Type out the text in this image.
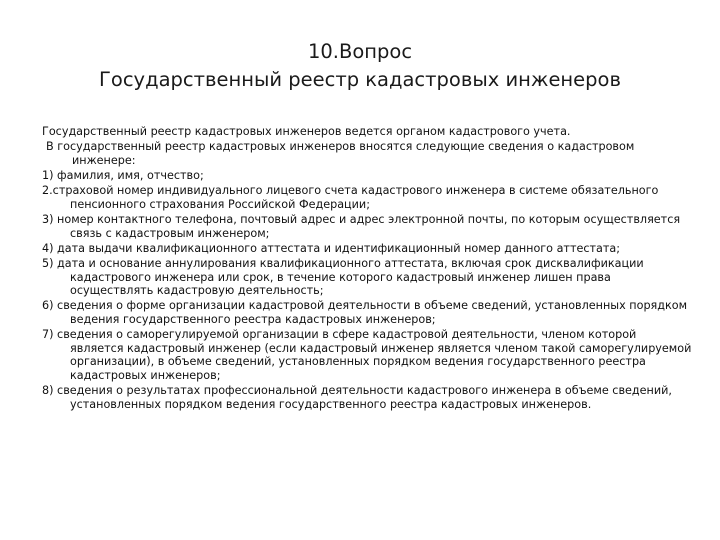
10.Вопрос
Государственный реестр кадастровых инженеров

Государственный реестр кадастровых инженеров ведется органом кадастрового учета.

В государственный реестр кадастровых инженеров вносятся следующие сведения о кадастровом инженере:

1) фамилия, имя, отчество;

2.страховой номер индивидуального лицевого счета кадастрового инженера в системе обязательного пенсионного страхования Российской Федерации;

3) номер контактного телефона, почтовый адрес и адрес электронной почты, по которым осуществляется связь с кадастровым инженером;

4) дата выдачи квалификационного аттестата и идентификационный номер данного аттестата;

5) дата и основание аннулирования квалификационного аттестата, включая срок дисквалификации кадастрового инженера или срок, в течение которого кадастровый инженер лишен права осуществлять кадастровую деятельность;

6) сведения о форме организации кадастровой деятельности в объеме сведений, установленных порядком ведения государственного реестра кадастровых инженеров;

7) сведения о саморегулируемой организации в сфере кадастровой деятельности, членом которой является кадастровый инженер (если кадастровый инженер является членом такой саморегулируемой организации), в объеме сведений, установленных порядком ведения государственного реестра кадастровых инженеров;

8) сведения о результатах профессиональной деятельности кадастрового инженера в объеме сведений, установленных порядком ведения государственного реестра кадастровых инженеров.
